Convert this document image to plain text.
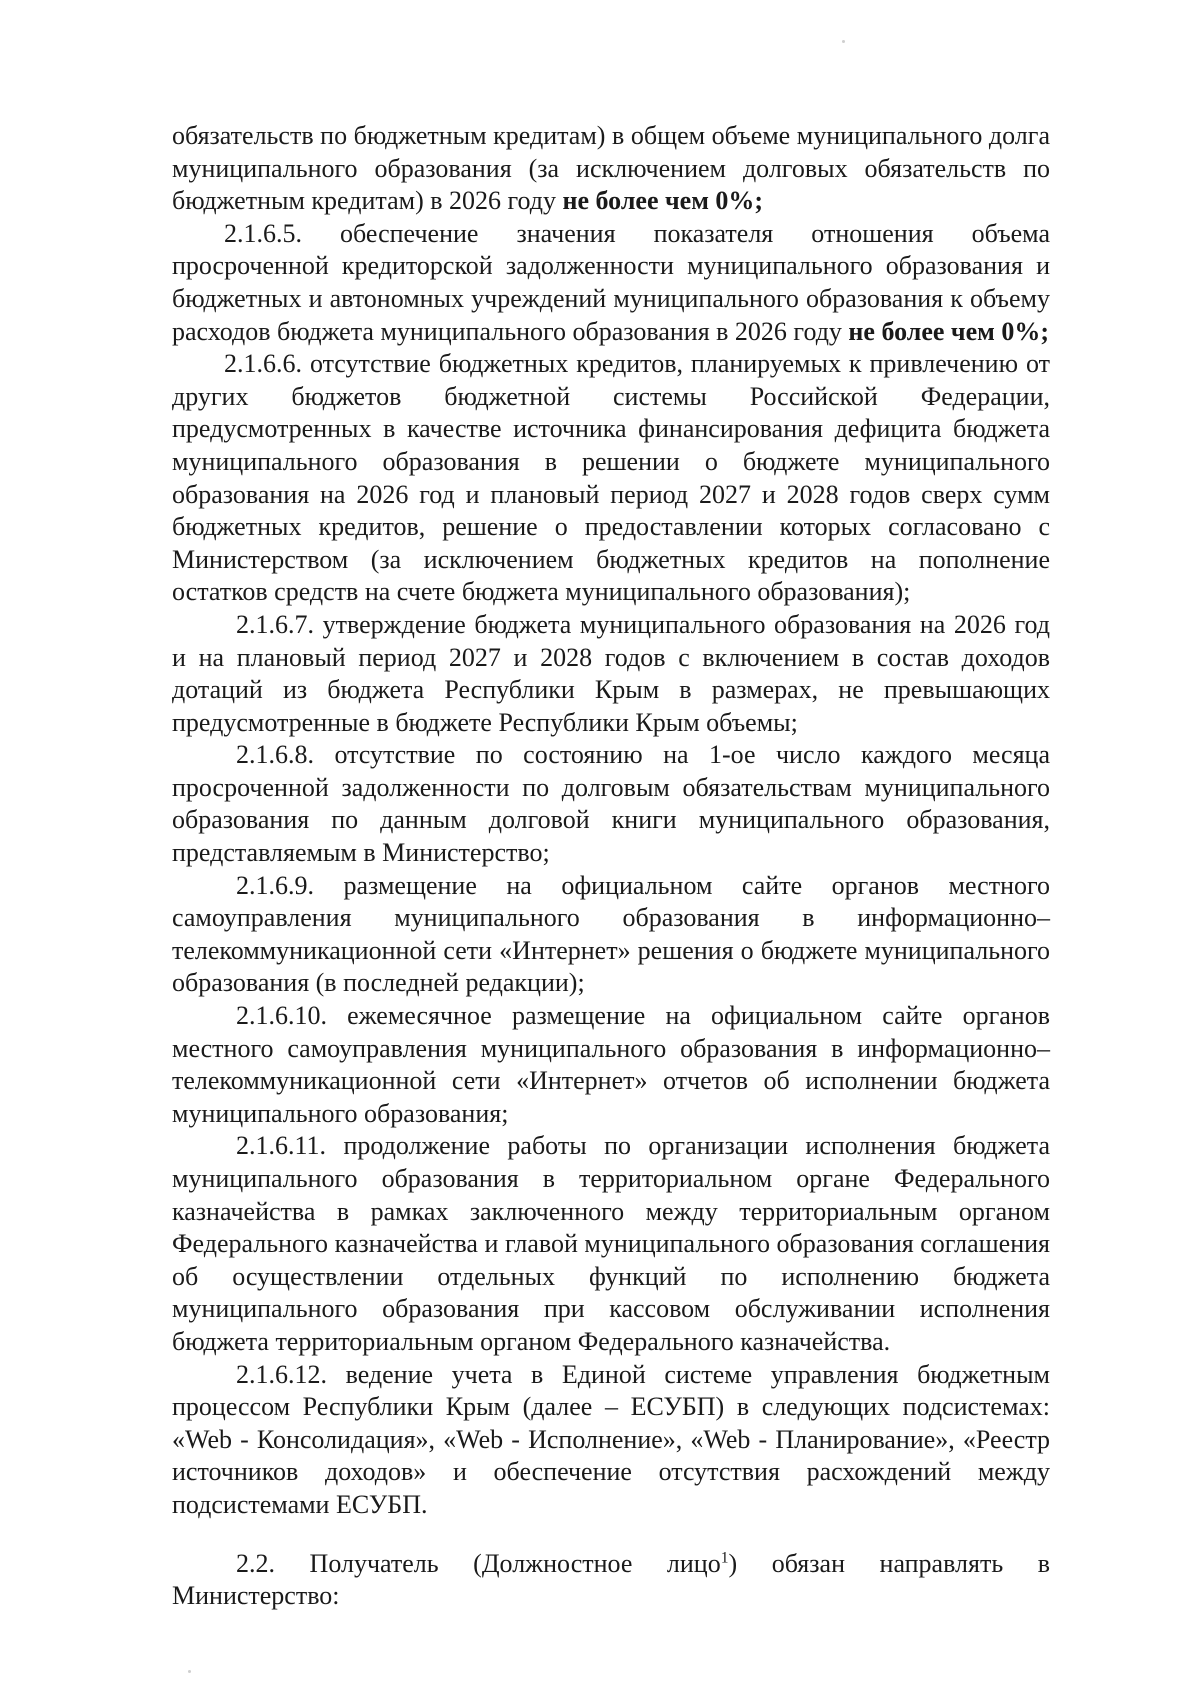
обязательств по бюджетным кредитам) в общем объеме муниципального долга муниципального образования (за исключением долговых обязательств по бюджетным кредитам) в 2026 году не более чем 0%;

2.1.6.5. обеспечение значения показателя отношения объема просроченной кредиторской задолженности муниципального образования и бюджетных и автономных учреждений муниципального образования к объему расходов бюджета муниципального образования в 2026 году не более чем 0%;

2.1.6.6. отсутствие бюджетных кредитов, планируемых к привлечению от других бюджетов бюджетной системы Российской Федерации, предусмотренных в качестве источника финансирования дефицита бюджета муниципального образования в решении о бюджете муниципального образования на 2026 год и плановый период 2027 и 2028 годов сверх сумм бюджетных кредитов, решение о предоставлении которых согласовано с Министерством (за исключением бюджетных кредитов на пополнение остатков средств на счете бюджета муниципального образования);

2.1.6.7. утверждение бюджета муниципального образования на 2026 год и на плановый период 2027 и 2028 годов с включением в состав доходов дотаций из бюджета Республики Крым в размерах, не превышающих предусмотренные в бюджете Республики Крым объемы;

2.1.6.8. отсутствие по состоянию на 1-ое число каждого месяца просроченной задолженности по долговым обязательствам муниципального образования по данным долговой книги муниципального образования, представляемым в Министерство;

2.1.6.9. размещение на официальном сайте органов местного самоуправления муниципального образования в информационно–телекоммуникационной сети «Интернет» решения о бюджете муниципального образования (в последней редакции);

2.1.6.10. ежемесячное размещение на официальном сайте органов местного самоуправления муниципального образования в информационно–телекоммуникационной сети «Интернет» отчетов об исполнении бюджета муниципального образования;

2.1.6.11. продолжение работы по организации исполнения бюджета муниципального образования в территориальном органе Федерального казначейства в рамках заключенного между территориальным органом Федерального казначейства и главой муниципального образования соглашения об осуществлении отдельных функций по исполнению бюджета муниципального образования при кассовом обслуживании исполнения бюджета территориальным органом Федерального казначейства.

2.1.6.12. ведение учета в Единой системе управления бюджетным процессом Республики Крым (далее – ЕСУБП) в следующих подсистемах: «Web - Консолидация», «Web - Исполнение», «Web - Планирование», «Реестр источников доходов» и обеспечение отсутствия расхождений между подсистемами ЕСУБП.

2.2. Получатель (Должностное лицо$^1$) обязан направлять в Министерство:
